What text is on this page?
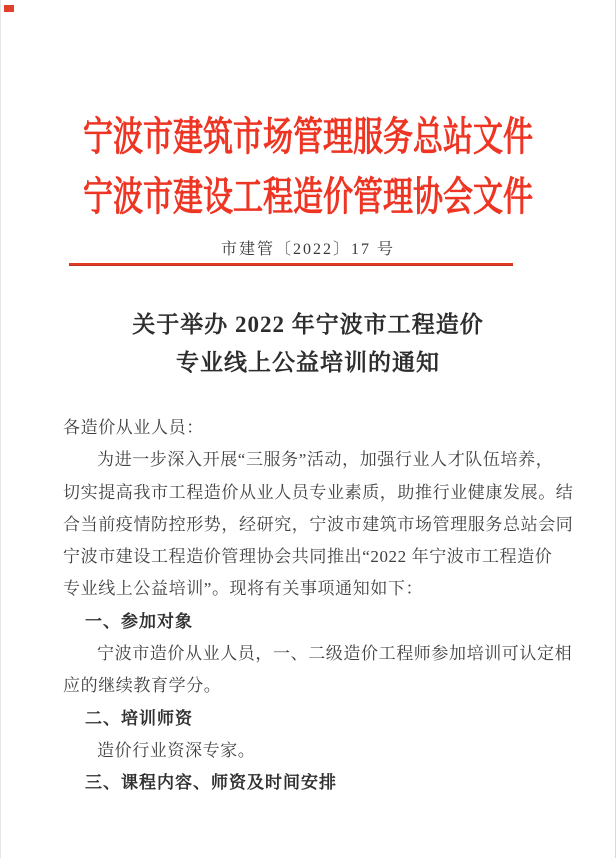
宁波市建筑市场管理服务总站文件
宁波市建设工程造价管理协会文件
市建管〔2022〕17 号
关于举办 2022 年宁波市工程造价
专业线上公益培训的通知
各造价从业人员：
为进一步深入开展“三服务”活动，加强行业人才队伍培养，
切实提高我市工程造价从业人员专业素质，助推行业健康发展。结
合当前疫情防控形势，经研究，宁波市建筑市场管理服务总站会同
宁波市建设工程造价管理协会共同推出“2022 年宁波市工程造价
专业线上公益培训”。现将有关事项通知如下：
一、参加对象
宁波市造价从业人员，一、二级造价工程师参加培训可认定相
应的继续教育学分。
二、培训师资
造价行业资深专家。
三、课程内容、师资及时间安排
